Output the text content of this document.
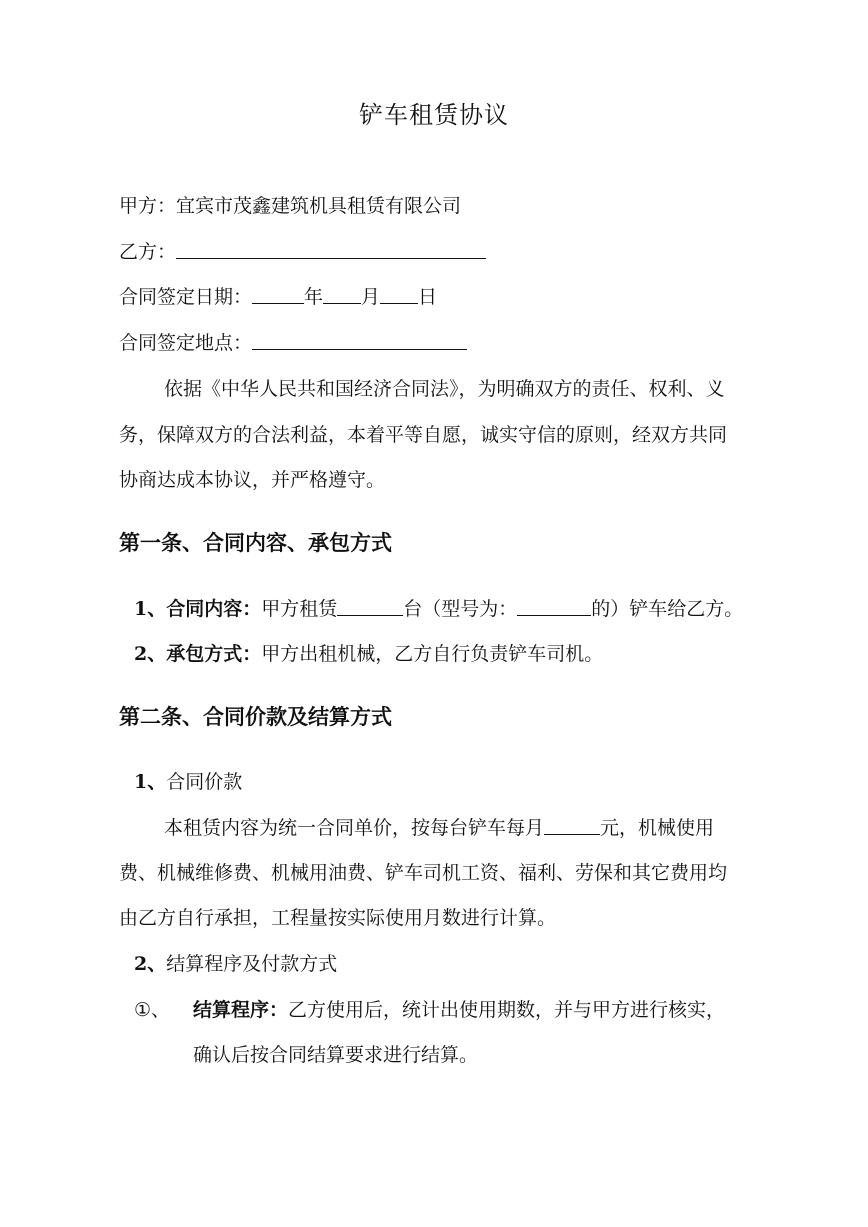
铲车租赁协议
甲方：宜宾市茂鑫建筑机具租赁有限公司
乙方：
合同签定日期：	年 月 日
合同签定地点：
依据《中华人民共和国经济合同法》，为明确双方的责任、权利、义
务，保障双方的合法利益，本着平等自愿，诚实守信的原则，经双方共同
协商达成本协议，并严格遵守。
第一条、合同内容、承包方式
1、合同内容：甲方租赁	台（型号为：	的）铲车给乙方。
2、承包方式：甲方出租机械，乙方自行负责铲车司机。
第二条、合同价款及结算方式
1、合同价款
本租赁内容为统一合同单价，按每台铲车每月	元，机械使用
费、机械维修费、机械用油费、铲车司机工资、福利、劳保和其它费用均
由乙方自行承担，工程量按实际使用月数进行计算。
2、结算程序及付款方式
①、 结算程序：乙方使用后，统计出使用期数，并与甲方进行核实，
确认后按合同结算要求进行结算。
